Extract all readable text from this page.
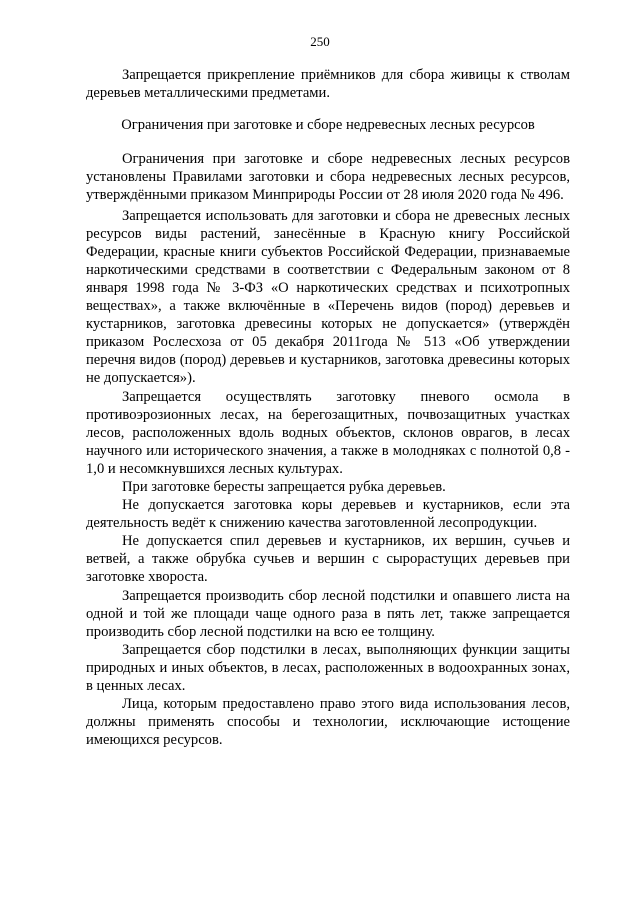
250

Запрещается прикрепление приёмников для сбора живицы к стволам деревьев металлическими предметами.

Ограничения при заготовке и сборе недревесных лесных ресурсов

Ограничения при заготовке и сборе недревесных лесных ресурсов установлены Правилами заготовки и сбора недревесных лесных ресурсов, утверждёнными приказом Минприроды России от 28 июля 2020 года № 496.

Запрещается использовать для заготовки и сбора не древесных лесных ресурсов виды растений, занесённые в Красную книгу Российской Федерации, красные книги субъектов Российской Федерации, признаваемые наркотическими средствами в соответствии с Федеральным законом от 8 января 1998 года № 3-ФЗ «О наркотических средствах и психотропных веществах», а также включённые в «Перечень видов (пород) деревьев и кустарников, заготовка древесины которых не допускается» (утверждён приказом Рослесхоза от 05 декабря 2011года № 513 «Об утверждении перечня видов (пород) деревьев и кустарников, заготовка древесины которых не допускается»).

Запрещается осуществлять заготовку пневого осмола в противоэрозионных лесах, на берегозащитных, почвозащитных участках лесов, расположенных вдоль водных объектов, склонов оврагов, в лесах научного или исторического значения, а также в молодняках с полнотой 0,8 - 1,0 и несомкнувшихся лесных культурах.

При заготовке бересты запрещается рубка деревьев.

Не допускается заготовка коры деревьев и кустарников, если эта деятельность ведёт к снижению качества заготовленной лесопродукции.

Не допускается спил деревьев и кустарников, их вершин, сучьев и ветвей, а также обрубка сучьев и вершин с сырорастущих деревьев при заготовке хвороста.

Запрещается производить сбор лесной подстилки и опавшего листа на одной и той же площади чаще одного раза в пять лет, также запрещается производить сбор лесной подстилки на всю ее толщину.

Запрещается сбор подстилки в лесах, выполняющих функции защиты природных и иных объектов, в лесах, расположенных в водоохранных зонах, в ценных лесах.

Лица, которым предоставлено право этого вида использования лесов, должны применять способы и технологии, исключающие истощение имеющихся ресурсов.
